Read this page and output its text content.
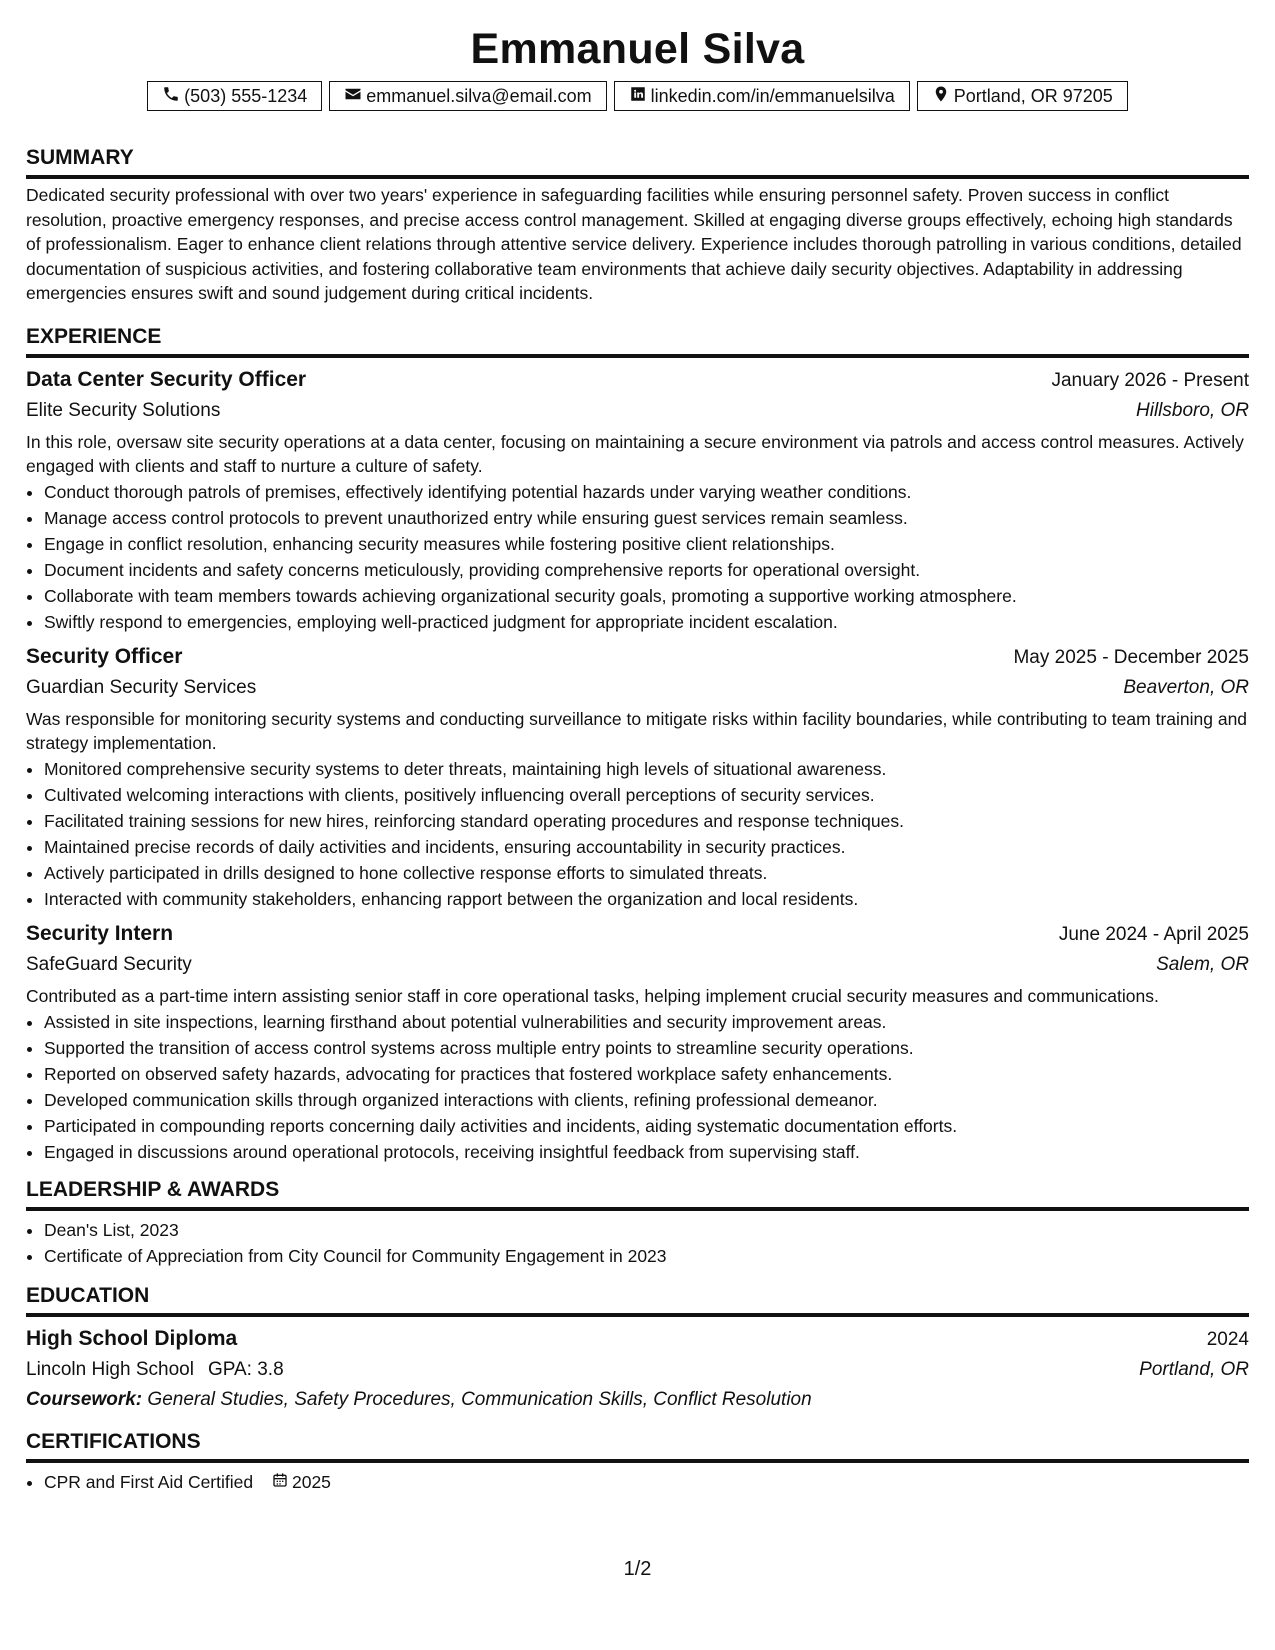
Emmanuel Silva
(503) 555-1234	emmanuel.silva@email.com	linkedin.com/in/emmanuelsilva	Portland, OR 97205
SUMMARY

Dedicated security professional with over two years' experience in safeguarding facilities while ensuring personnel safety. Proven success in conflict resolution, proactive emergency responses, and precise access control management. Skilled at engaging diverse groups effectively, echoing high standards of professionalism. Eager to enhance client relations through attentive service delivery. Experience includes thorough patrolling in various conditions, detailed documentation of suspicious activities, and fostering collaborative team environments that achieve daily security objectives. Adaptability in addressing emergencies ensures swift and sound judgement during critical incidents.

EXPERIENCE
Data Center Security Officer	January 2026 - Present
Elite Security Solutions	Hillsboro, OR

In this role, oversaw site security operations at a data center, focusing on maintaining a secure environment via patrols and access control measures. Actively engaged with clients and staff to nurture a culture of safety.

• Conduct thorough patrols of premises, effectively identifying potential hazards under varying weather conditions.
• Manage access control protocols to prevent unauthorized entry while ensuring guest services remain seamless.
• Engage in conflict resolution, enhancing security measures while fostering positive client relationships.
• Document incidents and safety concerns meticulously, providing comprehensive reports for operational oversight.
• Collaborate with team members towards achieving organizational security goals, promoting a supportive working atmosphere.
• Swiftly respond to emergencies, employing well-practiced judgment for appropriate incident escalation.
Security Officer	May 2025 - December 2025
Guardian Security Services	Beaverton, OR

Was responsible for monitoring security systems and conducting surveillance to mitigate risks within facility boundaries, while contributing to team training and strategy implementation.

• Monitored comprehensive security systems to deter threats, maintaining high levels of situational awareness.
• Cultivated welcoming interactions with clients, positively influencing overall perceptions of security services.
• Facilitated training sessions for new hires, reinforcing standard operating procedures and response techniques.
• Maintained precise records of daily activities and incidents, ensuring accountability in security practices.
• Actively participated in drills designed to hone collective response efforts to simulated threats.
• Interacted with community stakeholders, enhancing rapport between the organization and local residents.
Security Intern	June 2024 - April 2025
SafeGuard Security	Salem, OR

Contributed as a part-time intern assisting senior staff in core operational tasks, helping implement crucial security measures and communications.

• Assisted in site inspections, learning firsthand about potential vulnerabilities and security improvement areas.
• Supported the transition of access control systems across multiple entry points to streamline security operations.
• Reported on observed safety hazards, advocating for practices that fostered workplace safety enhancements.
• Developed communication skills through organized interactions with clients, refining professional demeanor.
• Participated in compounding reports concerning daily activities and incidents, aiding systematic documentation efforts.
• Engaged in discussions around operational protocols, receiving insightful feedback from supervising staff.
LEADERSHIP & AWARDS
• Dean's List, 2023
• Certificate of Appreciation from City Council for Community Engagement in 2023
EDUCATION
High School Diploma	2024
Lincoln High School GPA: 3.8	Portland, OR
Coursework: General Studies, Safety Procedures, Communication Skills, Conflict Resolution
CERTIFICATIONS
• CPR and First Aid Certified 2025
1/2
